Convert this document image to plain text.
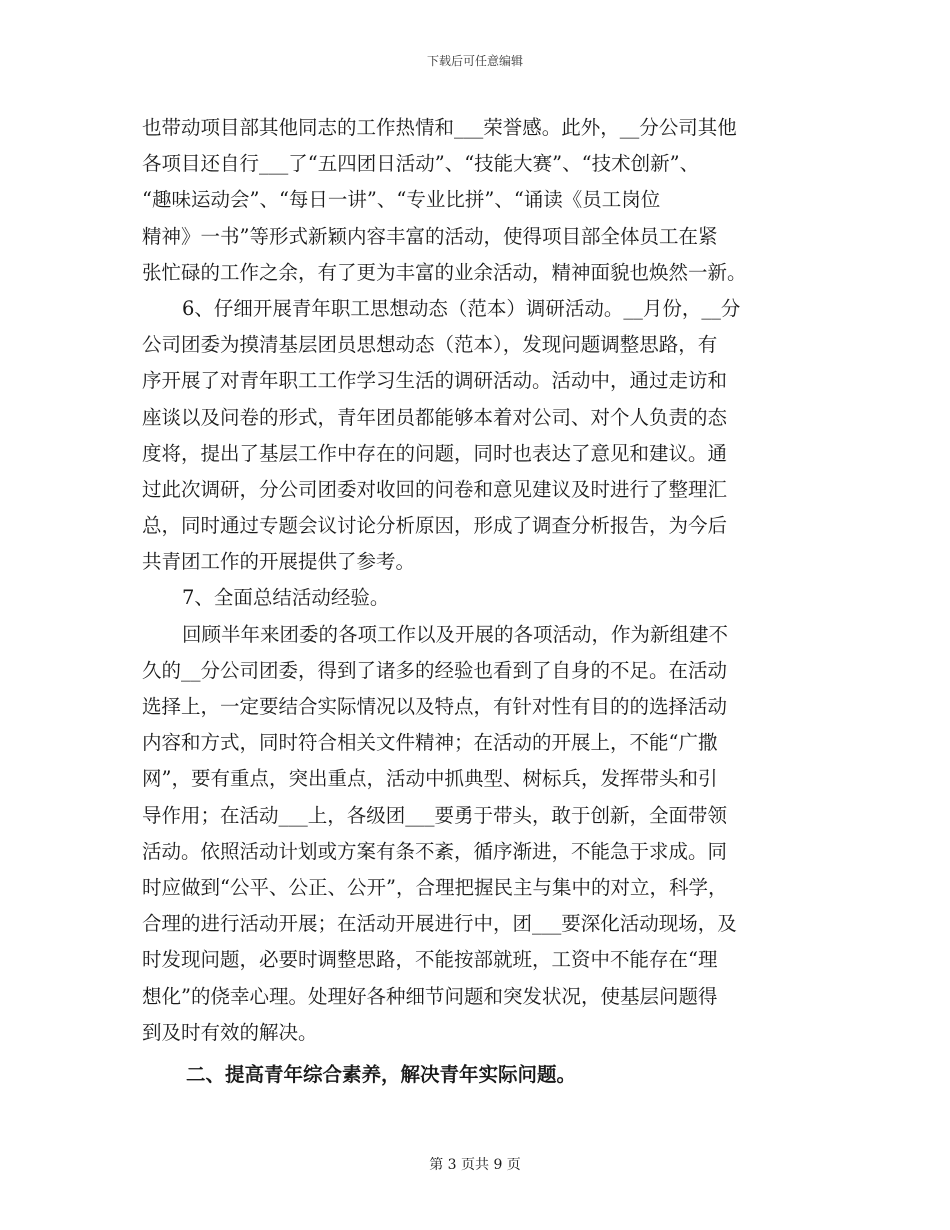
下载后可任意编辑
也带动项目部其他同志的工作热情和___荣誉感。此外，__分公司其他
各项目还自行___了“五四团日活动”、“技能大赛”、“技术创新”、
“趣味运动会”、“每日一讲”、“专业比拼”、“诵读《员工岗位
精神》一书”等形式新颖内容丰富的活动，使得项目部全体员工在紧
张忙碌的工作之余，有了更为丰富的业余活动，精神面貌也焕然一新。
6、仔细开展青年职工思想动态（范本）调研活动。__月份，__分
公司团委为摸清基层团员思想动态（范本），发现问题调整思路，有
序开展了对青年职工工作学习生活的调研活动。活动中，通过走访和
座谈以及问卷的形式，青年团员都能够本着对公司、对个人负责的态
度将，提出了基层工作中存在的问题，同时也表达了意见和建议。通
过此次调研，分公司团委对收回的问卷和意见建议及时进行了整理汇
总，同时通过专题会议讨论分析原因，形成了调查分析报告，为今后
共青团工作的开展提供了参考。
7、全面总结活动经验。
回顾半年来团委的各项工作以及开展的各项活动，作为新组建不
久的__分公司团委，得到了诸多的经验也看到了自身的不足。在活动
选择上，一定要结合实际情况以及特点，有针对性有目的的选择活动
内容和方式，同时符合相关文件精神；在活动的开展上，不能“广撒
网”，要有重点，突出重点，活动中抓典型、树标兵，发挥带头和引
导作用；在活动___上，各级团___要勇于带头，敢于创新，全面带领
活动。依照活动计划或方案有条不紊，循序渐进，不能急于求成。同
时应做到“公平、公正、公开”，合理把握民主与集中的对立，科学，
合理的进行活动开展；在活动开展进行中，团___要深化活动现场，及
时发现问题，必要时调整思路，不能按部就班，工资中不能存在“理
想化”的侥幸心理。处理好各种细节问题和突发状况，使基层问题得
到及时有效的解决。
二、提高青年综合素养，解决青年实际问题。
第 3 页共 9 页
